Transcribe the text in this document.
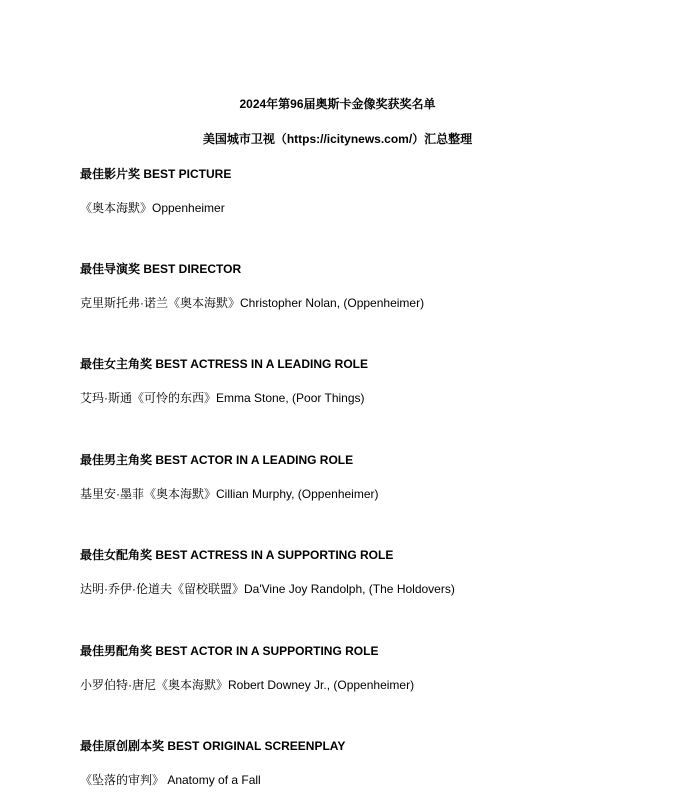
2024年第96届奥斯卡金像奖获奖名单
美国城市卫视（https://icitynews.com/）汇总整理
最佳影片奖 BEST PICTURE
《奥本海默》Oppenheimer
最佳导演奖 BEST DIRECTOR
克里斯托弗·诺兰《奥本海默》Christopher Nolan, (Oppenheimer)
最佳女主角奖 BEST ACTRESS IN A LEADING ROLE
艾玛·斯通《可怜的东西》Emma Stone, (Poor Things)
最佳男主角奖 BEST ACTOR IN A LEADING ROLE
基里安·墨菲《奥本海默》Cillian Murphy, (Oppenheimer)
最佳女配角奖 BEST ACTRESS IN A SUPPORTING ROLE
达明·乔伊·伦道夫《留校联盟》Da'Vine Joy Randolph, (The Holdovers)
最佳男配角奖 BEST ACTOR IN A SUPPORTING ROLE
小罗伯特·唐尼《奥本海默》Robert Downey Jr., (Oppenheimer)
最佳原创剧本奖 BEST ORIGINAL SCREENPLAY
《坠落的审判》 Anatomy of a Fall
